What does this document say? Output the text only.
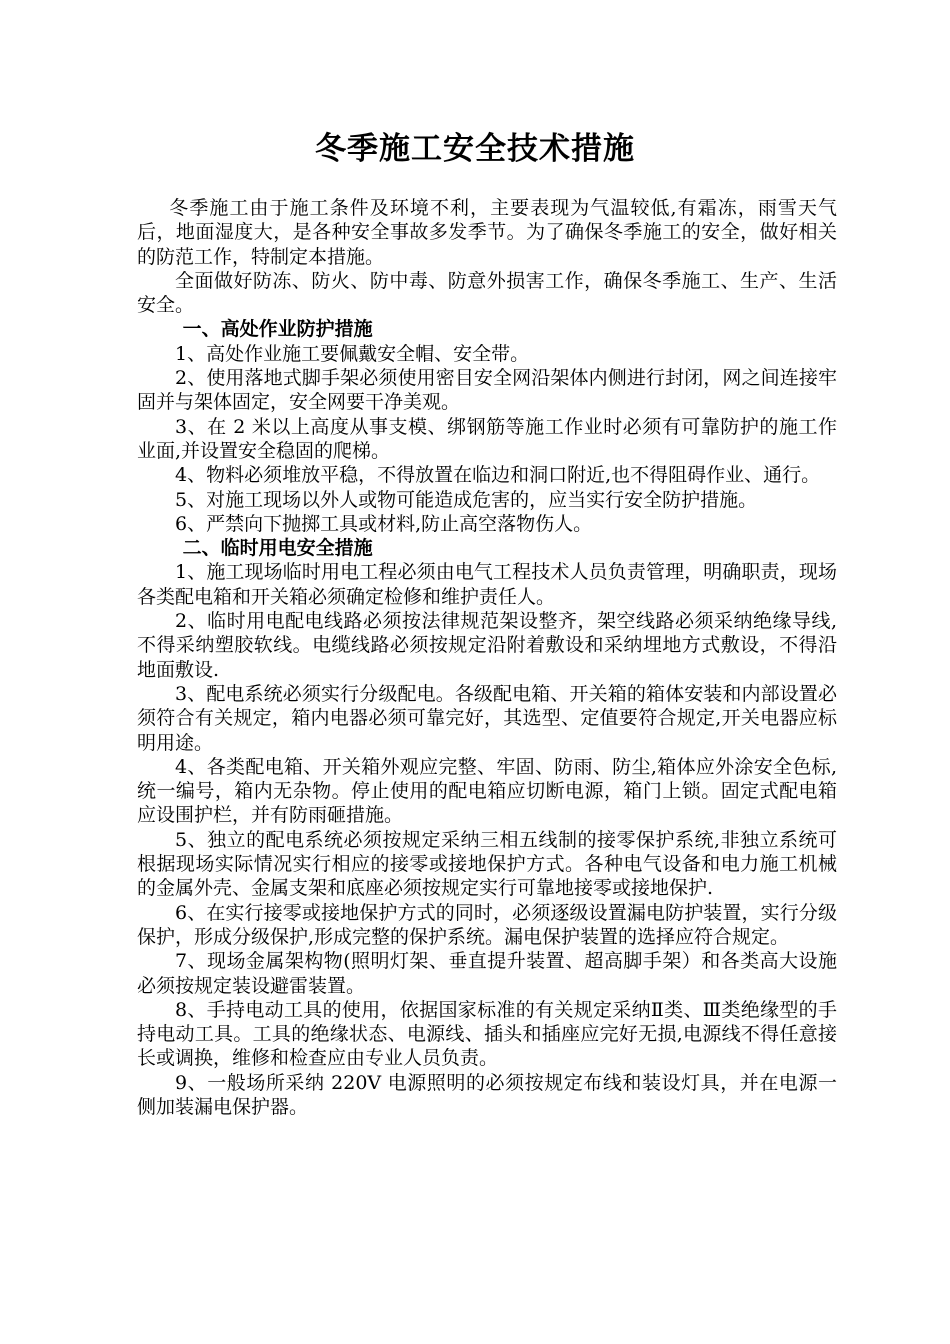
冬季施工安全技术措施

冬季施工由于施工条件及环境不利，主要表现为气温较低,有霜冻，雨雪天气后，地面湿度大，是各种安全事故多发季节。为了确保冬季施工的安全，做好相关的防范工作，特制定本措施。

全面做好防冻、防火、防中毒、防意外损害工作，确保冬季施工、生产、生活安全。

一、高处作业防护措施

1、高处作业施工要佩戴安全帽、安全带。

2、使用落地式脚手架必须使用密目安全网沿架体内侧进行封闭，网之间连接牢固并与架体固定，安全网要干净美观。

3、在 2 米以上高度从事支模、绑钢筋等施工作业时必须有可靠防护的施工作业面,并设置安全稳固的爬梯。

4、物料必须堆放平稳，不得放置在临边和洞口附近,也不得阻碍作业、通行。

5、对施工现场以外人或物可能造成危害的，应当实行安全防护措施。

6、严禁向下抛掷工具或材料,防止高空落物伤人。

二、临时用电安全措施

1、施工现场临时用电工程必须由电气工程技术人员负责管理，明确职责，现场各类配电箱和开关箱必须确定检修和维护责任人。

2、临时用电配电线路必须按法律规范架设整齐，架空线路必须采纳绝缘导线,不得采纳塑胶软线。电缆线路必须按规定沿附着敷设和采纳埋地方式敷设，不得沿地面敷设.

3、配电系统必须实行分级配电。各级配电箱、开关箱的箱体安装和内部设置必须符合有关规定，箱内电器必须可靠完好，其选型、定值要符合规定,开关电器应标明用途。

4、各类配电箱、开关箱外观应完整、牢固、防雨、防尘,箱体应外涂安全色标,统一编号，箱内无杂物。停止使用的配电箱应切断电源，箱门上锁。固定式配电箱应设围护栏，并有防雨砸措施。

5、独立的配电系统必须按规定采纳三相五线制的接零保护系统,非独立系统可根据现场实际情况实行相应的接零或接地保护方式。各种电气设备和电力施工机械的金属外壳、金属支架和底座必须按规定实行可靠地接零或接地保护.

6、在实行接零或接地保护方式的同时，必须逐级设置漏电防护装置，实行分级保护，形成分级保护,形成完整的保护系统。漏电保护装置的选择应符合规定。

7、现场金属架构物(照明灯架、垂直提升装置、超高脚手架）和各类高大设施必须按规定装设避雷装置。

8、手持电动工具的使用，依据国家标准的有关规定采纳Ⅱ类、Ⅲ类绝缘型的手持电动工具。工具的绝缘状态、电源线、插头和插座应完好无损,电源线不得任意接长或调换，维修和检查应由专业人员负责。

9、一般场所采纳 220V 电源照明的必须按规定布线和装设灯具，并在电源一侧加装漏电保护器。
